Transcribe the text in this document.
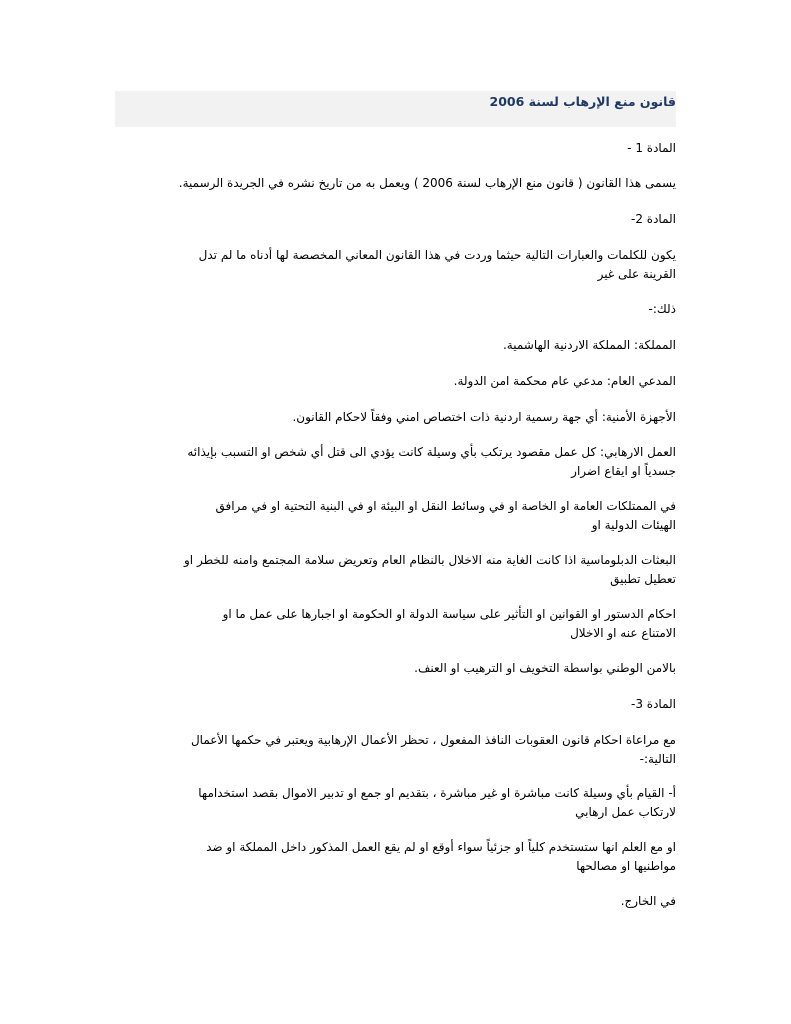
قانون منع الإرهاب لسنة 2006
المادة 1 -
يسمى هذا القانون ( قانون منع الإرهاب لسنة 2006 ) ويعمل به من تاريخ نشره في الجريدة الرسمية.
المادة 2-
يكون للكلمات والعبارات التالية حيثما وردت في هذا القانون المعاني المخصصة لها أدناه ما لم تدل القرينة على غير
ذلك:-
المملكة: المملكة الاردنية الهاشمية.
المدعي العام: مدعي عام محكمة امن الدولة.
الأجهزة الأمنية: أي جهة رسمية اردنية ذات اختصاص امني وفقاً لاحكام القانون.
العمل الارهابي: كل عمل مقصود يرتكب بأي وسيلة كانت يؤدي الى قتل أي شخص او التسبب بإيذائه جسدياً او ايقاع اضرار
في الممتلكات العامة او الخاصة او في وسائط النقل او البيئة او في البنية التحتية او في مرافق الهيئات الدولية او
البعثات الدبلوماسية اذا كانت الغاية منه الاخلال بالنظام العام وتعريض سلامة المجتمع وامنه للخطر او تعطيل تطبيق
احكام الدستور او القوانين او التأثير على سياسة الدولة او الحكومة او اجبارها على عمل ما او الامتناع عنه او الاخلال
بالامن الوطني بواسطة التخويف او الترهيب او العنف.
المادة 3-
مع مراعاة احكام قانون العقوبات النافذ المفعول ، تحظر الأعمال الإرهابية ويعتبر في حكمها الأعمال التالية:-
أ- القيام بأي وسيلة كانت مباشرة او غير مباشرة ، بتقديم او جمع او تدبير الاموال بقصد استخدامها لارتكاب عمل ارهابي
او مع العلم انها ستستخدم كلياً او جزئياً سواء أوقع او لم يقع العمل المذكور داخل المملكة او ضد مواطنيها او مصالحها
في الخارج.
